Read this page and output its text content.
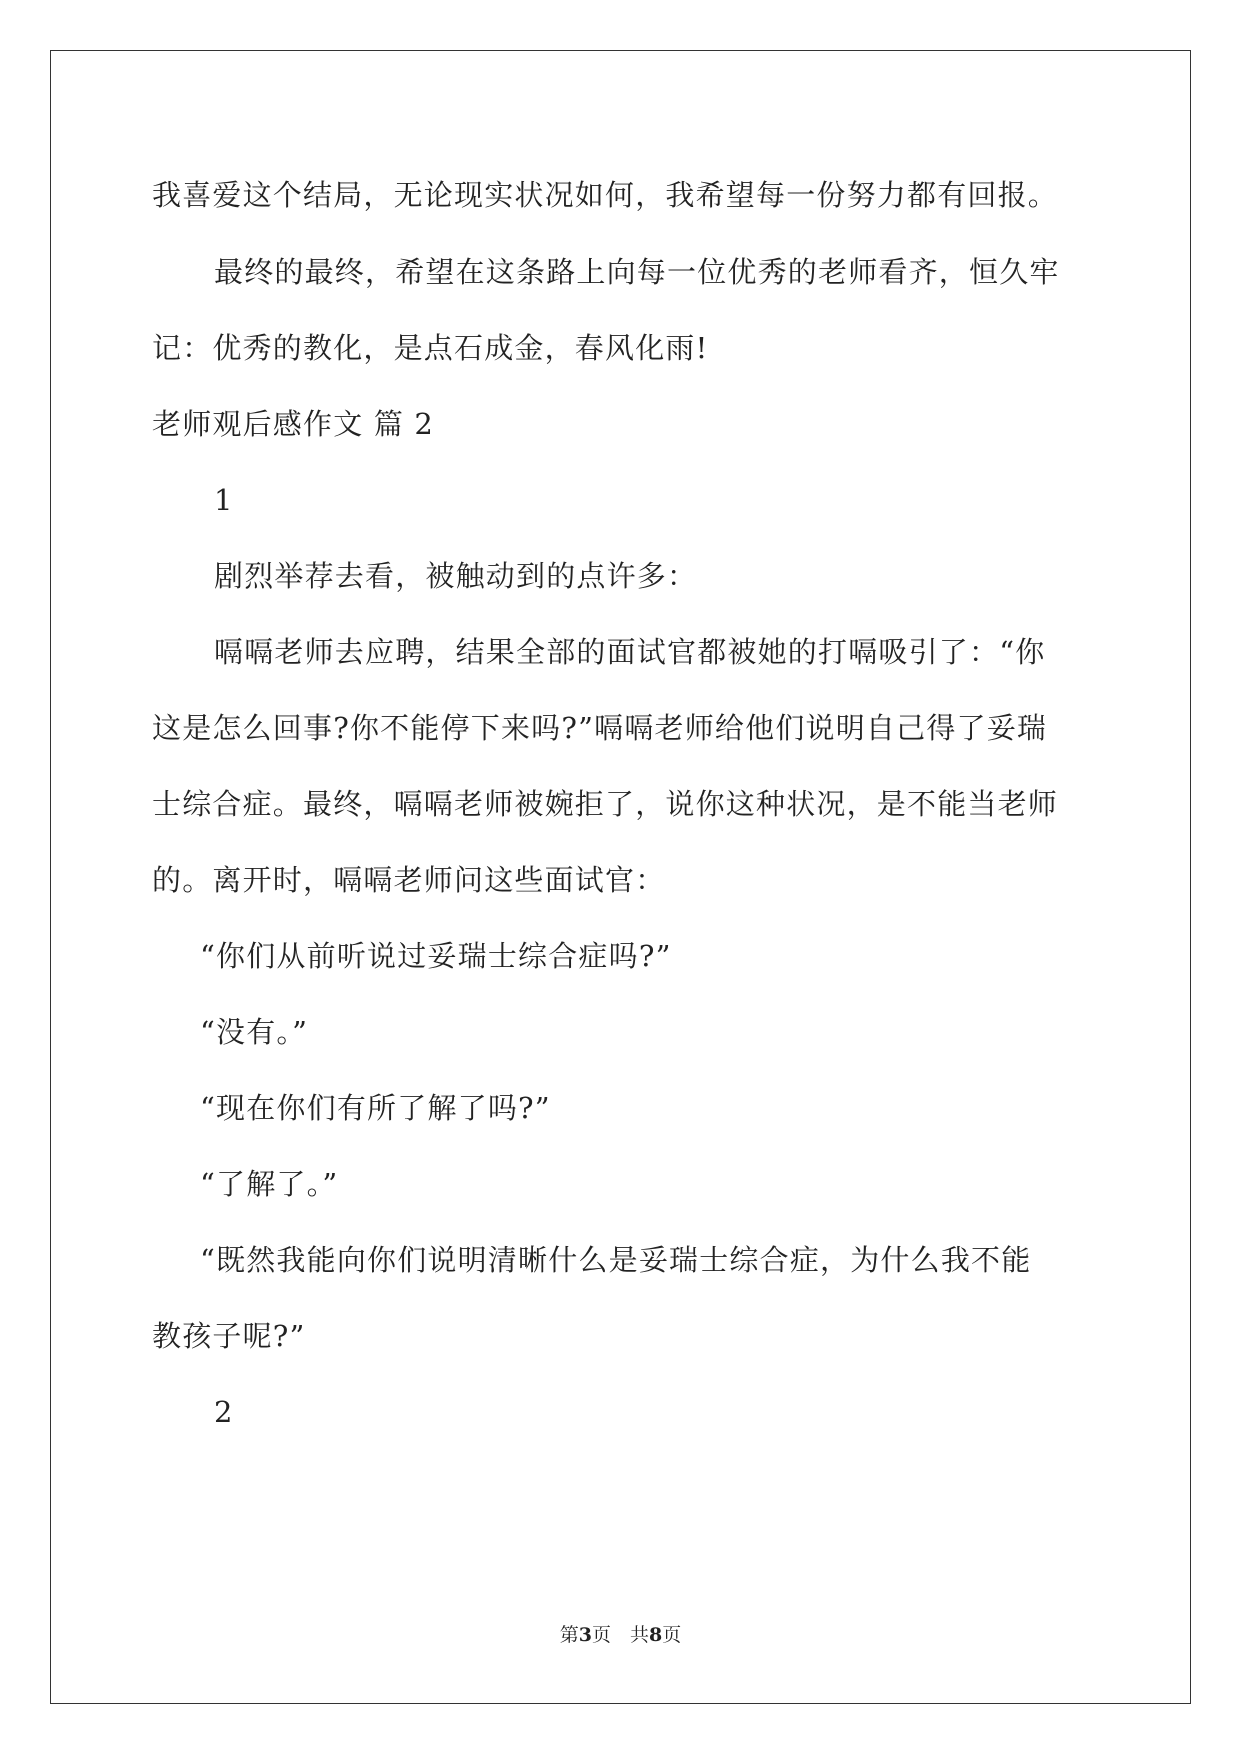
我喜爱这个结局，无论现实状况如何，我希望每一份努力都有回报。
最终的最终，希望在这条路上向每一位优秀的老师看齐，恒久牢
记：优秀的教化，是点石成金，春风化雨!
老师观后感作文 篇 2
1
剧烈举荐去看，被触动到的点许多：
嗝嗝老师去应聘，结果全部的面试官都被她的打嗝吸引了：“你
这是怎么回事?你不能停下来吗?”嗝嗝老师给他们说明自己得了妥瑞
士综合症。最终，嗝嗝老师被婉拒了，说你这种状况，是不能当老师
的。离开时，嗝嗝老师问这些面试官：
“你们从前听说过妥瑞士综合症吗?”
“没有。”
“现在你们有所了解了吗?”
“了解了。”
“既然我能向你们说明清晰什么是妥瑞士综合症，为什么我不能
教孩子呢?”
2
第3页　共8页
